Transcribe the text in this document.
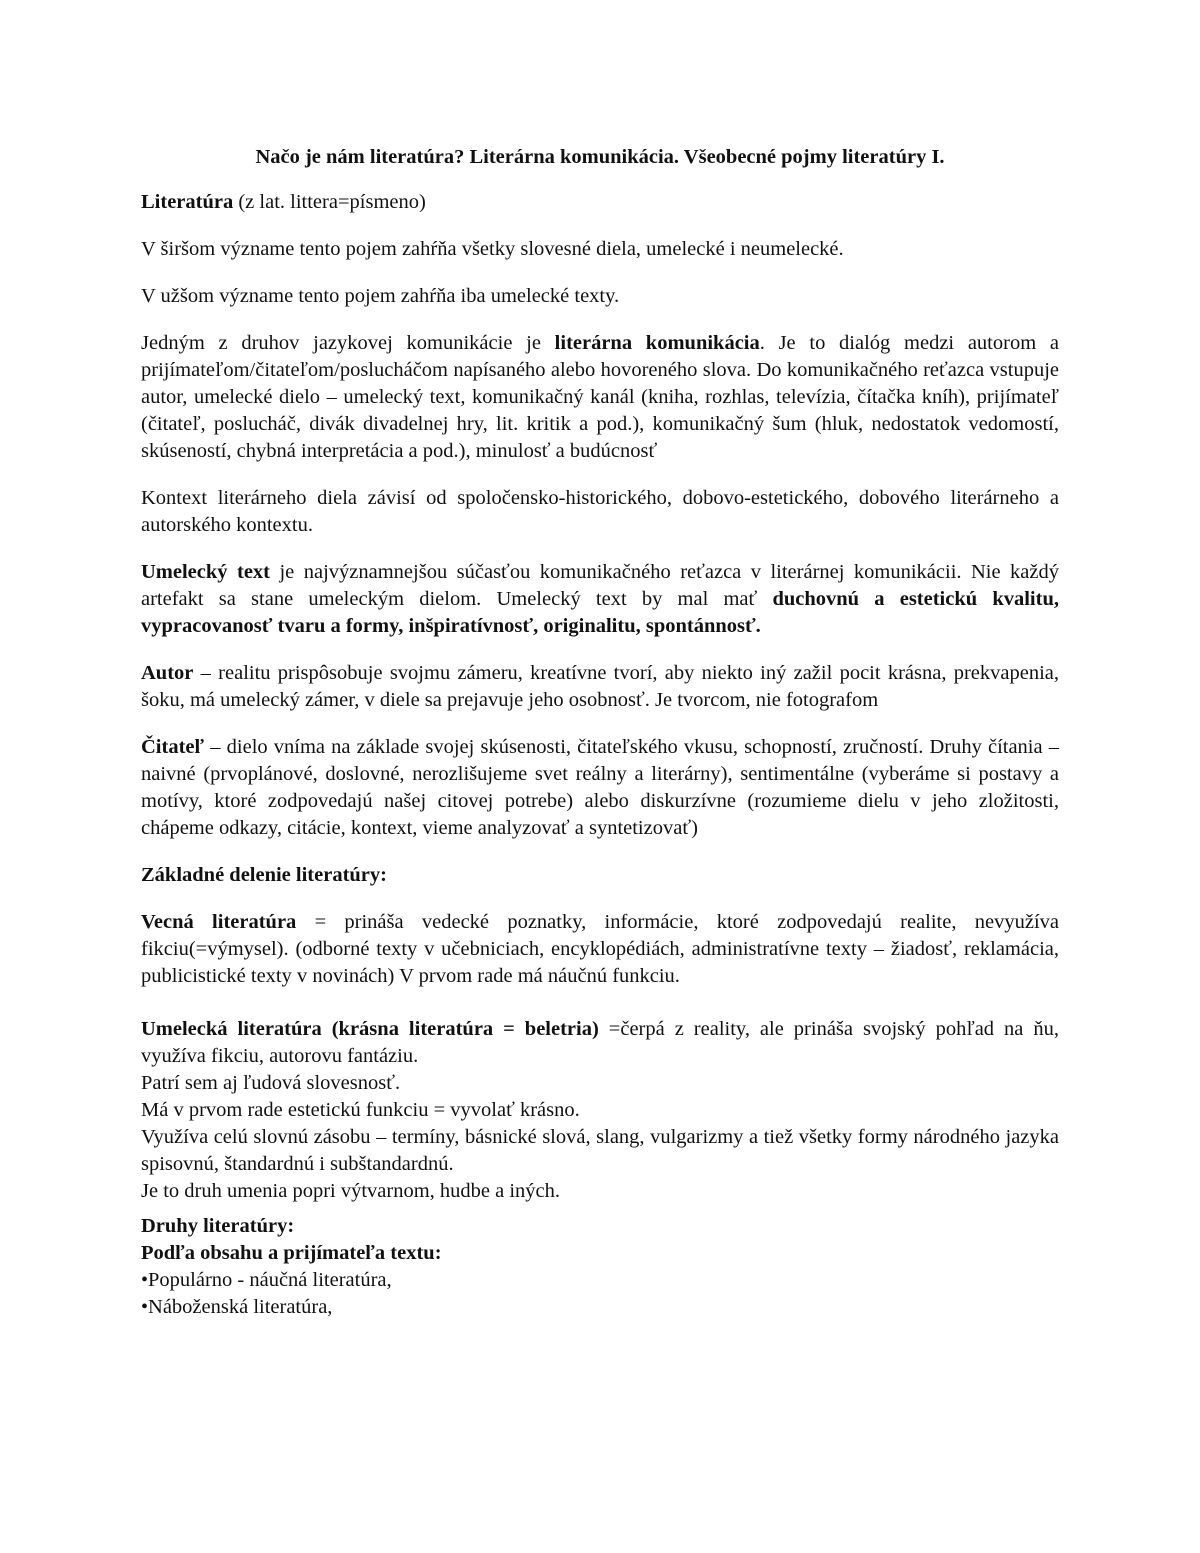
Načo je nám literatúra? Literárna komunikácia. Všeobecné pojmy literatúry I.

Literatúra (z lat. littera=písmeno)

V širšom význame tento pojem zahŕňa všetky slovesné diela, umelecké i neumelecké.

V užšom význame tento pojem zahŕňa iba umelecké texty.

Jedným z druhov jazykovej komunikácie je literárna komunikácia. Je to dialóg medzi autorom a prijímateľom/čitateľom/poslucháčom napísaného alebo hovoreného slova. Do komunikačného reťazca vstupuje autor, umelecké dielo – umelecký text, komunikačný kanál (kniha, rozhlas, televízia, čítačka kníh), prijímateľ (čitateľ, poslucháč, divák divadelnej hry, lit. kritik a pod.), komunikačný šum (hluk, nedostatok vedomostí, skúseností, chybná interpretácia a pod.), minulosť a budúcnosť

Kontext literárneho diela závisí od spoločensko-historického, dobovo-estetického, dobového literárneho a autorského kontextu.

Umelecký text je najvýznamnejšou súčasťou komunikačného reťazca v literárnej komunikácii. Nie každý artefakt sa stane umeleckým dielom. Umelecký text by mal mať duchovnú a estetickú kvalitu, vypracovanosť tvaru a formy, inšpiratívnosť, originalitu, spontánnosť.

Autor – realitu prispôsobuje svojmu zámeru, kreatívne tvorí, aby niekto iný zažil pocit krásna, prekvapenia, šoku, má umelecký zámer, v diele sa prejavuje jeho osobnosť. Je tvorcom, nie fotografom

Čitateľ – dielo vníma na základe svojej skúsenosti, čitateľského vkusu, schopností, zručností. Druhy čítania – naivné (prvoplánové, doslovné, nerozlišujeme svet reálny a literárny), sentimentálne (vyberáme si postavy a motívy, ktoré zodpovedajú našej citovej potrebe) alebo diskurzívne (rozumieme dielu v jeho zložitosti, chápeme odkazy, citácie, kontext, vieme analyzovať a syntetizovať)

Základné delenie literatúry:

Vecná literatúra = prináša vedecké poznatky, informácie, ktoré zodpovedajú realite, nevyužíva fikciu(=výmysel). (odborné texty v učebniciach, encyklopédiách, administratívne texty – žiadosť, reklamácia, publicistické texty v novinách) V prvom rade má náučnú funkciu.

Umelecká literatúra (krásna literatúra = beletria) =čerpá z reality, ale prináša svojský pohľad na ňu, využíva fikciu, autorovu fantáziu.

Patrí sem aj ľudová slovesnosť.

Má v prvom rade estetickú funkciu = vyvolať krásno.

Využíva celú slovnú zásobu – termíny, básnické slová, slang, vulgarizmy a tiež všetky formy národného jazyka spisovnú, štandardnú i subštandardnú.

Je to druh umenia popri výtvarnom, hudbe a iných.

Druhy literatúry:

Podľa obsahu a prijímateľa textu:

• Populárno - náučná literatúra,

• Náboženská literatúra,
